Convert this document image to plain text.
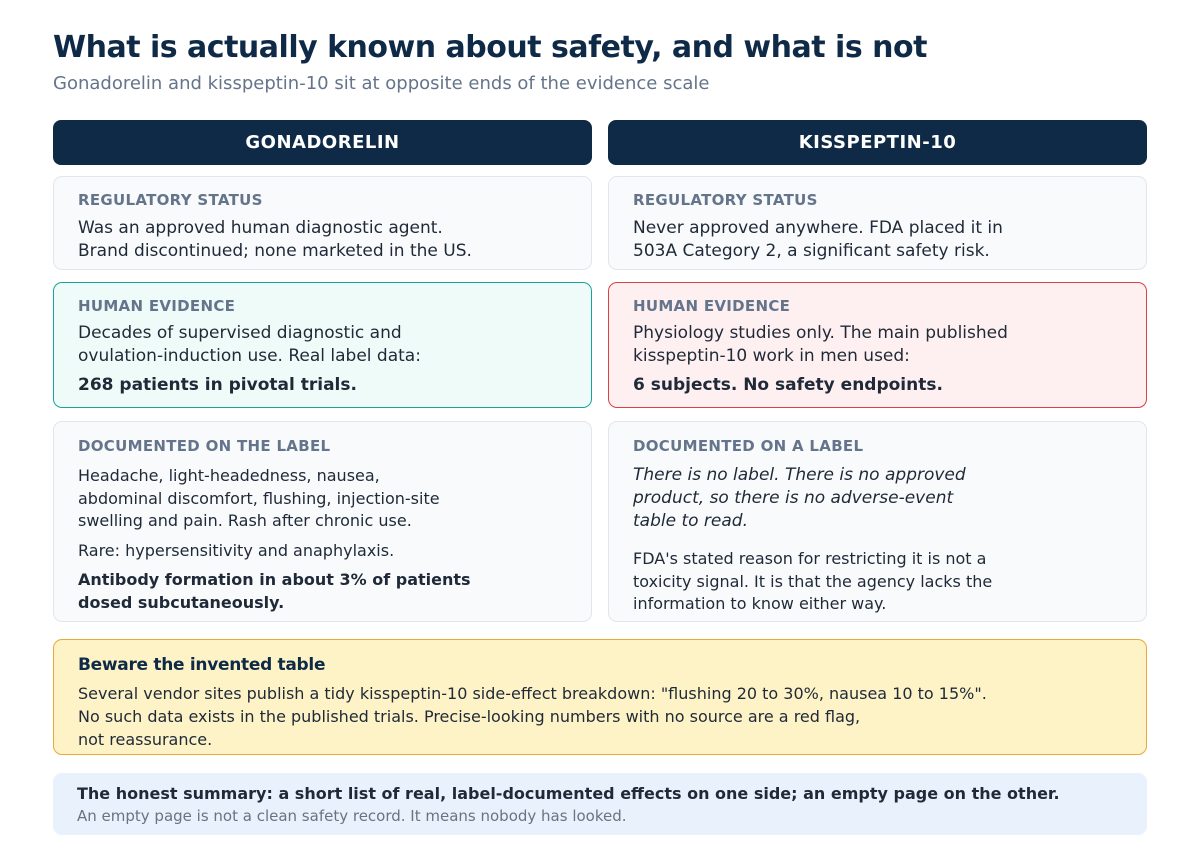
What is actually known about safety, and what is not
Gonadorelin and kisspeptin-10 sit at opposite ends of the evidence scale
GONADORELIN	KISSPEPTIN-10
REGULATORY STATUS
Was an approved human diagnostic agent.
Brand discontinued; none marketed in the US.
REGULATORY STATUS
Never approved anywhere. FDA placed it in
503A Category 2, a significant safety risk.
HUMAN EVIDENCE
Decades of supervised diagnostic and
ovulation-induction use. Real label data:
268 patients in pivotal trials.
HUMAN EVIDENCE
Physiology studies only. The main published
kisspeptin-10 work in men used:
6 subjects. No safety endpoints.
DOCUMENTED ON THE LABEL
Headache, light-headedness, nausea,
abdominal discomfort, flushing, injection-site
swelling and pain. Rash after chronic use.
Rare: hypersensitivity and anaphylaxis.
Antibody formation in about 3% of patients
dosed subcutaneously.
DOCUMENTED ON A LABEL
There is no label. There is no approved
product, so there is no adverse-event
table to read.
FDA's stated reason for restricting it is not a
toxicity signal. It is that the agency lacks the
information to know either way.
Beware the invented table
Several vendor sites publish a tidy kisspeptin-10 side-effect breakdown: "flushing 20 to 30%, nausea 10 to 15%".
No such data exists in the published trials. Precise-looking numbers with no source are a red flag,
not reassurance.
The honest summary: a short list of real, label-documented effects on one side; an empty page on the other.
An empty page is not a clean safety record. It means nobody has looked.
